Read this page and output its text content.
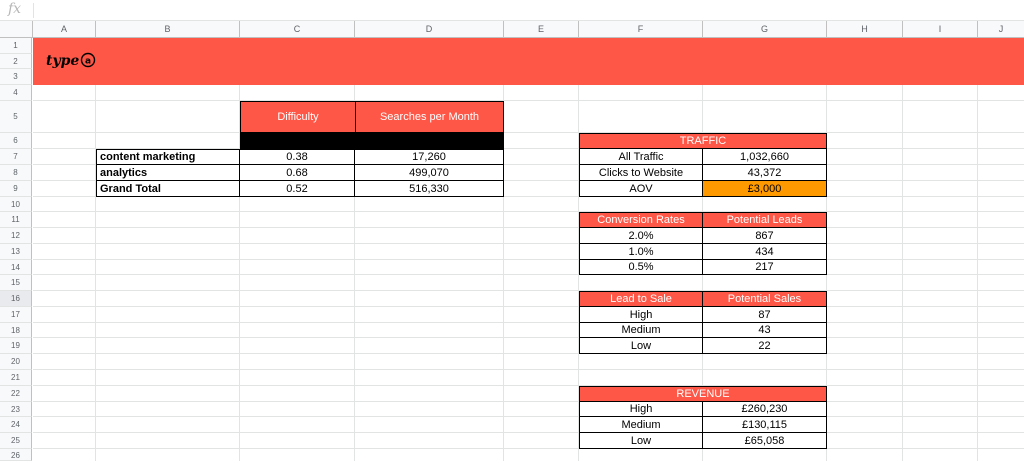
fx
A	B	C	D	E	F	G	H	I	J
1
2
3
4
5
6
7
8
9
10
11
12
13
14
15
16
17
18
19
20
21
22
23
24
25
26
type a
Difficulty	Searches per Month
content marketing	0.38	17,260
analytics	0.68	499,070
Grand Total	0.52	516,330
TRAFFIC
All Traffic	1,032,660
Clicks to Website	43,372
AOV	£3,000
Conversion Rates	Potential Leads
2.0%	867
1.0%	434
0.5%	217
Lead to Sale	Potential Sales
High	87
Medium	43
Low	22
REVENUE
High	£260,230
Medium	£130,115
Low	£65,058
